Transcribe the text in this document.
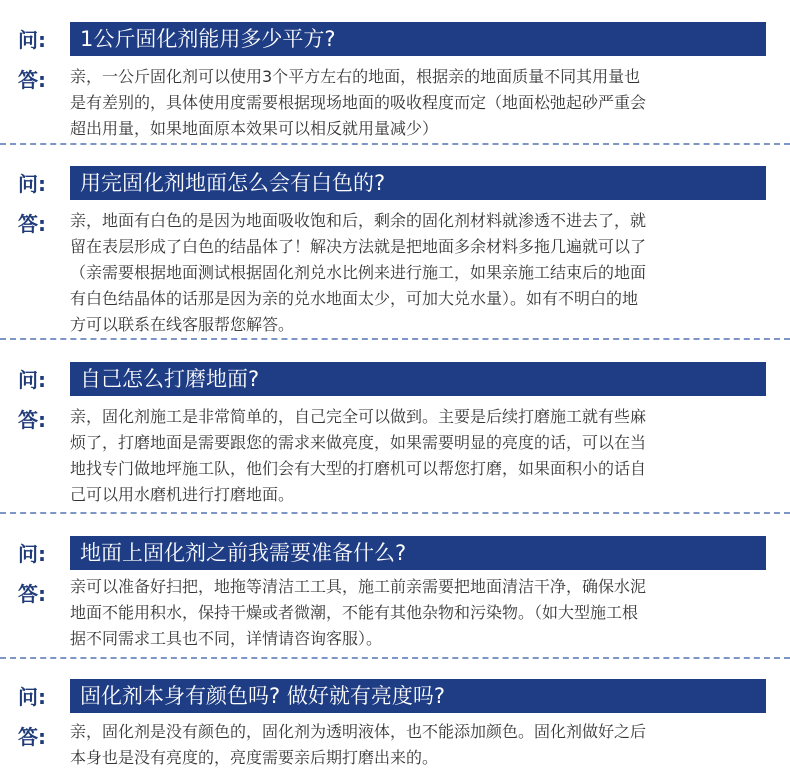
问:	1公斤固化剂能用多少平方?
答: 亲，一公斤固化剂可以使用3个平方左右的地面，根据亲的地面质量不同其用量也
是有差别的，具体使用度需要根据现场地面的吸收程度而定（地面松弛起砂严重会
超出用量，如果地面原本效果可以相反就用量减少）
问:	用完固化剂地面怎么会有白色的?
答: 亲，地面有白色的是因为地面吸收饱和后，剩余的固化剂材料就渗透不进去了，就
留在表层形成了白色的结晶体了！解决方法就是把地面多余材料多拖几遍就可以了
（亲需要根据地面测试根据固化剂兑水比例来进行施工，如果亲施工结束后的地面
有白色结晶体的话那是因为亲的兑水地面太少，可加大兑水量）。如有不明白的地
方可以联系在线客服帮您解答。
问:	自己怎么打磨地面?
答: 亲，固化剂施工是非常简单的，自己完全可以做到。主要是后续打磨施工就有些麻
烦了，打磨地面是需要跟您的需求来做亮度，如果需要明显的亮度的话，可以在当
地找专门做地坪施工队，他们会有大型的打磨机可以帮您打磨，如果面积小的话自
己可以用水磨机进行打磨地面。
问:	地面上固化剂之前我需要准备什么?
答: 亲可以准备好扫把，地拖等清洁工工具，施工前亲需要把地面清洁干净，确保水泥
地面不能用积水，保持干燥或者微潮，不能有其他杂物和污染物。（如大型施工根
据不同需求工具也不同，详情请咨询客服）。
问:	固化剂本身有颜色吗? 做好就有亮度吗?
答: 亲，固化剂是没有颜色的，固化剂为透明液体，也不能添加颜色。固化剂做好之后
本身也是没有亮度的，亮度需要亲后期打磨出来的。
